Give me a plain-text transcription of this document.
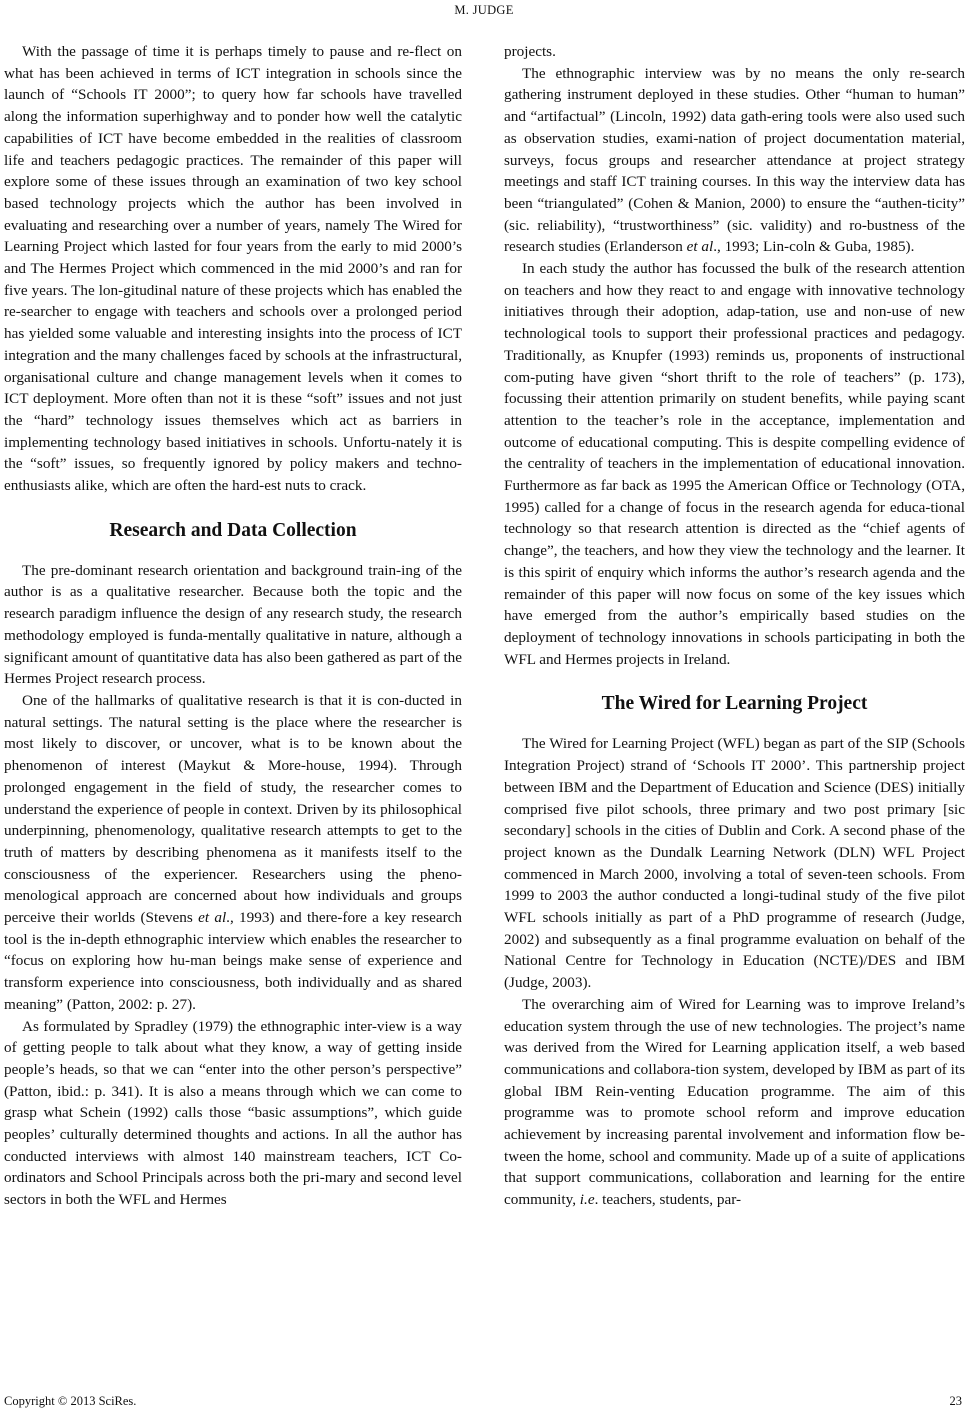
M. JUDGE

With the passage of time it is perhaps timely to pause and re-flect on what has been achieved in terms of ICT integration in schools since the launch of “Schools IT 2000”; to query how far schools have travelled along the information superhighway and to ponder how well the catalytic capabilities of ICT have become embedded in the realities of classroom life and teachers pedagogic practices. The remainder of this paper will explore some of these issues through an examination of two key school based technology projects which the author has been involved in evaluating and researching over a number of years, namely The Wired for Learning Project which lasted for four years from the early to mid 2000’s and The Hermes Project which commenced in the mid 2000’s and ran for five years. The lon-gitudinal nature of these projects which has enabled the re-searcher to engage with teachers and schools over a prolonged period has yielded some valuable and interesting insights into the process of ICT integration and the many challenges faced by schools at the infrastructural, organisational culture and change management levels when it comes to ICT deployment. More often than not it is these “soft” issues and not just the “hard” technology issues themselves which act as barriers in implementing technology based initiatives in schools. Unfortu-nately it is the “soft” issues, so frequently ignored by policy makers and techno-enthusiasts alike, which are often the hard-est nuts to crack.

Research and Data Collection

The pre-dominant research orientation and background train-ing of the author is as a qualitative researcher. Because both the topic and the research paradigm influence the design of any research study, the research methodology employed is funda-mentally qualitative in nature, although a significant amount of quantitative data has also been gathered as part of the Hermes Project research process.

One of the hallmarks of qualitative research is that it is con-ducted in natural settings. The natural setting is the place where the researcher is most likely to discover, or uncover, what is to be known about the phenomenon of interest (Maykut & More-house, 1994). Through prolonged engagement in the field of study, the researcher comes to understand the experience of people in context. Driven by its philosophical underpinning, phenomenology, qualitative research attempts to get to the truth of matters by describing phenomena as it manifests itself to the consciousness of the experiencer. Researchers using the pheno-menological approach are concerned about how individuals and groups perceive their worlds (Stevens et al., 1993) and there-fore a key research tool is the in-depth ethnographic interview which enables the researcher to “focus on exploring how hu-man beings make sense of experience and transform experience into consciousness, both individually and as shared meaning” (Patton, 2002: p. 27).

As formulated by Spradley (1979) the ethnographic inter-view is a way of getting people to talk about what they know, a way of getting inside people’s heads, so that we can “enter into the other person’s perspective” (Patton, ibid.: p. 341). It is also a means through which we can come to grasp what Schein (1992) calls those “basic assumptions”, which guide peoples’ culturally determined thoughts and actions. In all the author has conducted interviews with almost 140 mainstream teachers, ICT Co-ordinators and School Principals across both the pri-mary and second level sectors in both the WFL and Hermes

projects.

The ethnographic interview was by no means the only re-search gathering instrument deployed in these studies. Other “human to human” and “artifactual” (Lincoln, 1992) data gath-ering tools were also used such as observation studies, exami-nation of project documentation material, surveys, focus groups and researcher attendance at project strategy meetings and staff ICT training courses. In this way the interview data has been “triangulated” (Cohen & Manion, 2000) to ensure the “authen-ticity” (sic. reliability), “trustworthiness” (sic. validity) and ro-bustness of the research studies (Erlanderson et al., 1993; Lin-coln & Guba, 1985).

In each study the author has focussed the bulk of the research attention on teachers and how they react to and engage with innovative technology initiatives through their adoption, adap-tation, use and non-use of new technological tools to support their professional practices and pedagogy. Traditionally, as Knupfer (1993) reminds us, proponents of instructional com-puting have given “short thrift to the role of teachers” (p. 173), focussing their attention primarily on student benefits, while paying scant attention to the teacher’s role in the acceptance, implementation and outcome of educational computing. This is despite compelling evidence of the centrality of teachers in the implementation of educational innovation. Furthermore as far back as 1995 the American Office or Technology (OTA, 1995) called for a change of focus in the research agenda for educa-tional technology so that research attention is directed as the “chief agents of change”, the teachers, and how they view the technology and the learner. It is this spirit of enquiry which informs the author’s research agenda and the remainder of this paper will now focus on some of the key issues which have emerged from the author’s empirically based studies on the deployment of technology innovations in schools participating in both the WFL and Hermes projects in Ireland.

The Wired for Learning Project

The Wired for Learning Project (WFL) began as part of the SIP (Schools Integration Project) strand of ‘Schools IT 2000’. This partnership project between IBM and the Department of Education and Science (DES) initially comprised five pilot schools, three primary and two post primary [sic secondary] schools in the cities of Dublin and Cork. A second phase of the project known as the Dundalk Learning Network (DLN) WFL Project commenced in March 2000, involving a total of seven-teen schools. From 1999 to 2003 the author conducted a longi-tudinal study of the five pilot WFL schools initially as part of a PhD programme of research (Judge, 2002) and subsequently as a final programme evaluation on behalf of the National Centre for Technology in Education (NCTE)/DES and IBM (Judge, 2003).

The overarching aim of Wired for Learning was to improve Ireland’s education system through the use of new technologies. The project’s name was derived from the Wired for Learning application itself, a web based communications and collabora-tion system, developed by IBM as part of its global IBM Rein-venting Education programme. The aim of this programme was to promote school reform and improve education achievement by increasing parental involvement and information flow be-tween the home, school and community. Made up of a suite of applications that support communications, collaboration and learning for the entire community, i.e. teachers, students, par-

Copyright © 2013 SciRes.	23
